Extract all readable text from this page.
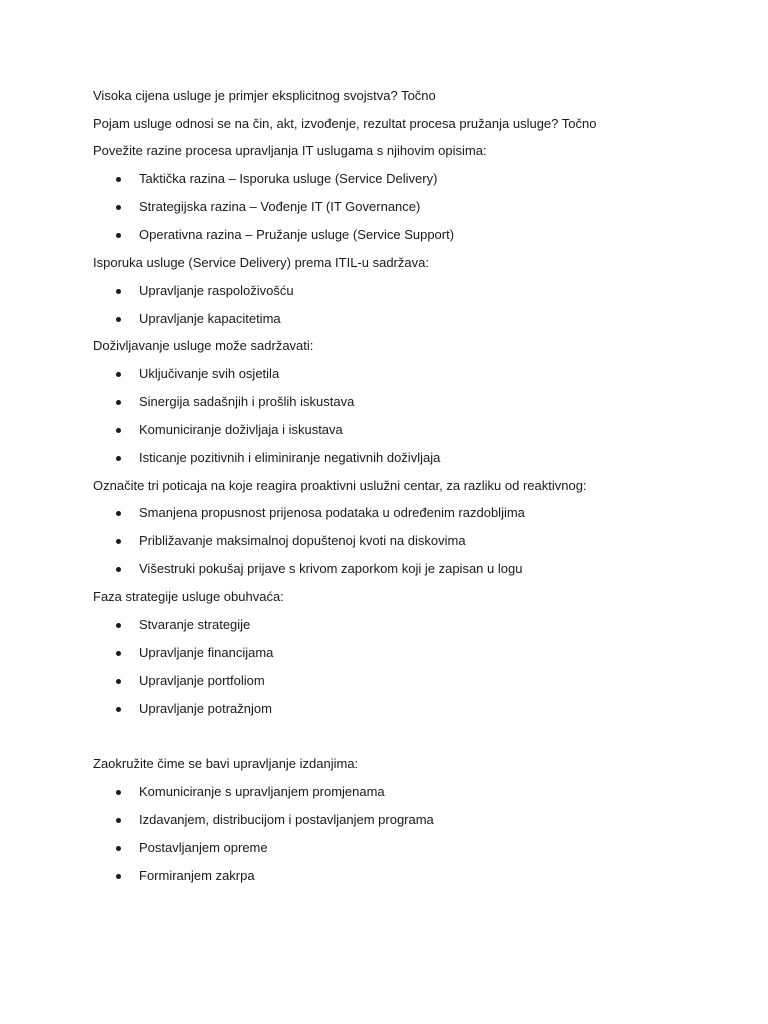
Visoka cijena usluge je primjer eksplicitnog svojstva? Točno
Pojam usluge odnosi se na čin, akt, izvođenje, rezultat procesa pružanja usluge? Točno
Povežite razine procesa upravljanja IT uslugama s njihovim opisima:
Taktička razina – Isporuka usluge (Service Delivery)
Strategijska razina – Vođenje IT (IT Governance)
Operativna razina – Pružanje usluge (Service Support)
Isporuka usluge (Service Delivery) prema ITIL-u sadržava:
Upravljanje raspoloživošću
Upravljanje kapacitetima
Doživljavanje usluge može sadržavati:
Uključivanje svih osjetila
Sinergija sadašnjih i prošlih iskustava
Komuniciranje doživljaja i iskustava
Isticanje pozitivnih i eliminiranje negativnih doživljaja
Označite tri poticaja na koje reagira proaktivni uslužni centar, za razliku od reaktivnog:
Smanjena propusnost prijenosa podataka u određenim razdobljima
Približavanje maksimalnoj dopuštenoj kvoti na diskovima
Višestruki pokušaj prijave s krivom zaporkom koji je zapisan u logu
Faza strategije usluge obuhvaća:
Stvaranje strategije
Upravljanje financijama
Upravljanje portfoliom
Upravljanje potražnjom
Zaokružite čime se bavi upravljanje izdanjima:
Komuniciranje s upravljanjem promjenama
Izdavanjem, distribucijom i postavljanjem programa
Postavljanjem opreme
Formiranjem zakrpa
